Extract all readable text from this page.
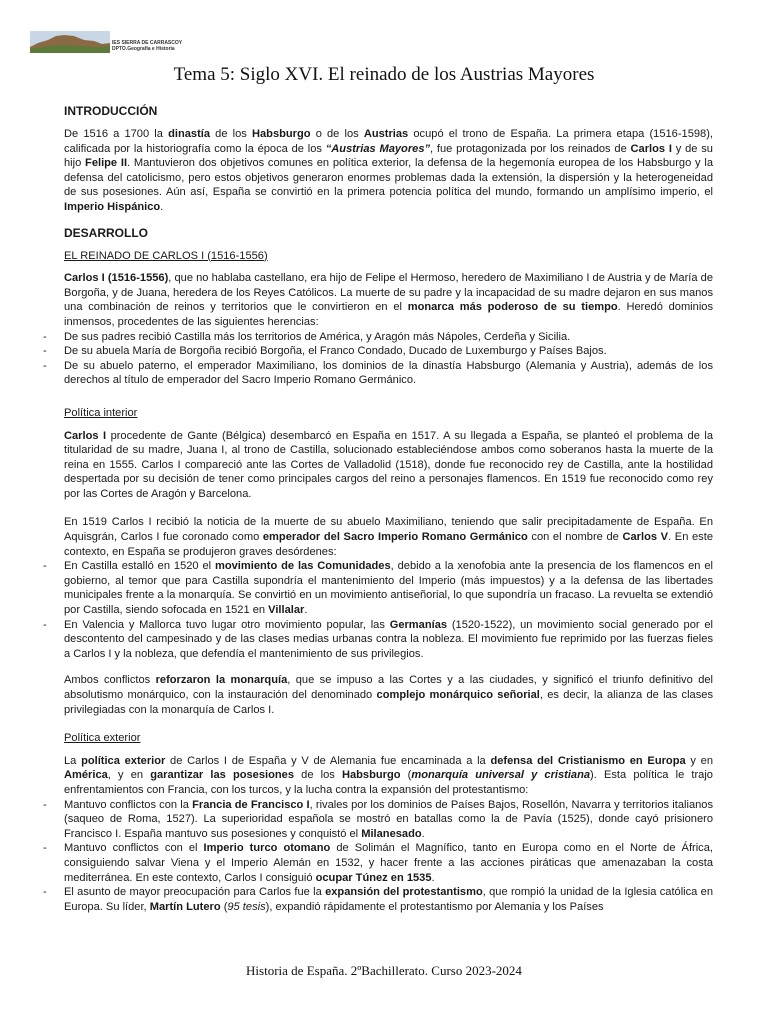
IES SIERRA DE CARRASCOY
DPTO.Geografía e Historia
Tema 5: Siglo XVI. El reinado de los Austrias Mayores
INTRODUCCIÓN

De 1516 a 1700 la dinastía de los Habsburgo o de los Austrias ocupó el trono de España. La primera etapa (1516-1598), calificada por la historiografía como la época de los “Austrias Mayores”, fue protagonizada por los reinados de Carlos I y de su hijo Felipe II. Mantuvieron dos objetivos comunes en política exterior, la defensa de la hegemonía europea de los Habsburgo y la defensa del catolicismo, pero estos objetivos generaron enormes problemas dada la extensión, la dispersión y la heterogeneidad de sus posesiones. Aún así, España se convirtió en la primera potencia política del mundo, formando un amplísimo imperio, el Imperio Hispánico.

DESARROLLO
EL REINADO DE CARLOS I (1516-1556)

Carlos I (1516-1556), que no hablaba castellano, era hijo de Felipe el Hermoso, heredero de Maximiliano I de Austria y de María de Borgoña, y de Juana, heredera de los Reyes Católicos. La muerte de su padre y la incapacidad de su madre dejaron en sus manos una combinación de reinos y territorios que le convirtieron en el monarca más poderoso de su tiempo. Heredó dominios inmensos, procedentes de las siguientes herencias:

- De sus padres recibió Castilla más los territorios de América, y Aragón más Nápoles, Cerdeña y Sicilia.
- De su abuela María de Borgoña recibió Borgoña, el Franco Condado, Ducado de Luxemburgo y Países Bajos.
- De su abuelo paterno, el emperador Maximiliano, los dominios de la dinastía Habsburgo (Alemania y Austria), además de los derechos al título de emperador del Sacro Imperio Romano Germánico.
Política interior

Carlos I procedente de Gante (Bélgica) desembarcó en España en 1517. A su llegada a España, se planteó el problema de la titularidad de su madre, Juana I, al trono de Castilla, solucionado estableciéndose ambos como soberanos hasta la muerte de la reina en 1555. Carlos I compareció ante las Cortes de Valladolid (1518), donde fue reconocido rey de Castilla, ante la hostilidad despertada por su decisión de tener como principales cargos del reino a personajes flamencos. En 1519 fue reconocido como rey por las Cortes de Aragón y Barcelona.

En 1519 Carlos I recibió la noticia de la muerte de su abuelo Maximiliano, teniendo que salir precipitadamente de España. En Aquisgrán, Carlos I fue coronado como emperador del Sacro Imperio Romano Germánico con el nombre de Carlos V. En este contexto, en España se produjeron graves desórdenes:

- En Castilla estalló en 1520 el movimiento de las Comunidades, debido a la xenofobia ante la presencia de los flamencos en el gobierno, al temor que para Castilla supondría el mantenimiento del Imperio (más impuestos) y a la defensa de las libertades municipales frente a la monarquía. Se convirtió en un movimiento antiseñorial, lo que supondría un fracaso. La revuelta se extendió por Castilla, siendo sofocada en 1521 en Villalar.
- En Valencia y Mallorca tuvo lugar otro movimiento popular, las Germanías (1520-1522), un movimiento social generado por el descontento del campesinado y de las clases medias urbanas contra la nobleza. El movimiento fue reprimido por las fuerzas fieles a Carlos I y la nobleza, que defendía el mantenimiento de sus privilegios.

Ambos conflictos reforzaron la monarquía, que se impuso a las Cortes y a las ciudades, y significó el triunfo definitivo del absolutismo monárquico, con la instauración del denominado complejo monárquico señorial, es decir, la alianza de las clases privilegiadas con la monarquía de Carlos I.

Política exterior

La política exterior de Carlos I de España y V de Alemania fue encaminada a la defensa del Cristianismo en Europa y en América, y en garantizar las posesiones de los Habsburgo (monarquía universal y cristiana). Esta política le trajo enfrentamientos con Francia, con los turcos, y la lucha contra la expansión del protestantismo:

- Mantuvo conflictos con la Francia de Francisco I, rivales por los dominios de Países Bajos, Rosellón, Navarra y territorios italianos (saqueo de Roma, 1527). La superioridad española se mostró en batallas como la de Pavía (1525), donde cayó prisionero Francisco I. España mantuvo sus posesiones y conquistó el Milanesado.
- Mantuvo conflictos con el Imperio turco otomano de Solimán el Magnífico, tanto en Europa como en el Norte de África, consiguiendo salvar Viena y el Imperio Alemán en 1532, y hacer frente a las acciones piráticas que amenazaban la costa mediterránea. En este contexto, Carlos I consiguió ocupar Túnez en 1535.
- El asunto de mayor preocupación para Carlos fue la expansión del protestantismo, que rompió la unidad de la Iglesia católica en Europa. Su líder, Martín Lutero (95 tesis), expandió rápidamente el protestantismo por Alemania y los Países
Historia de España. 2ºBachillerato. Curso 2023-2024
